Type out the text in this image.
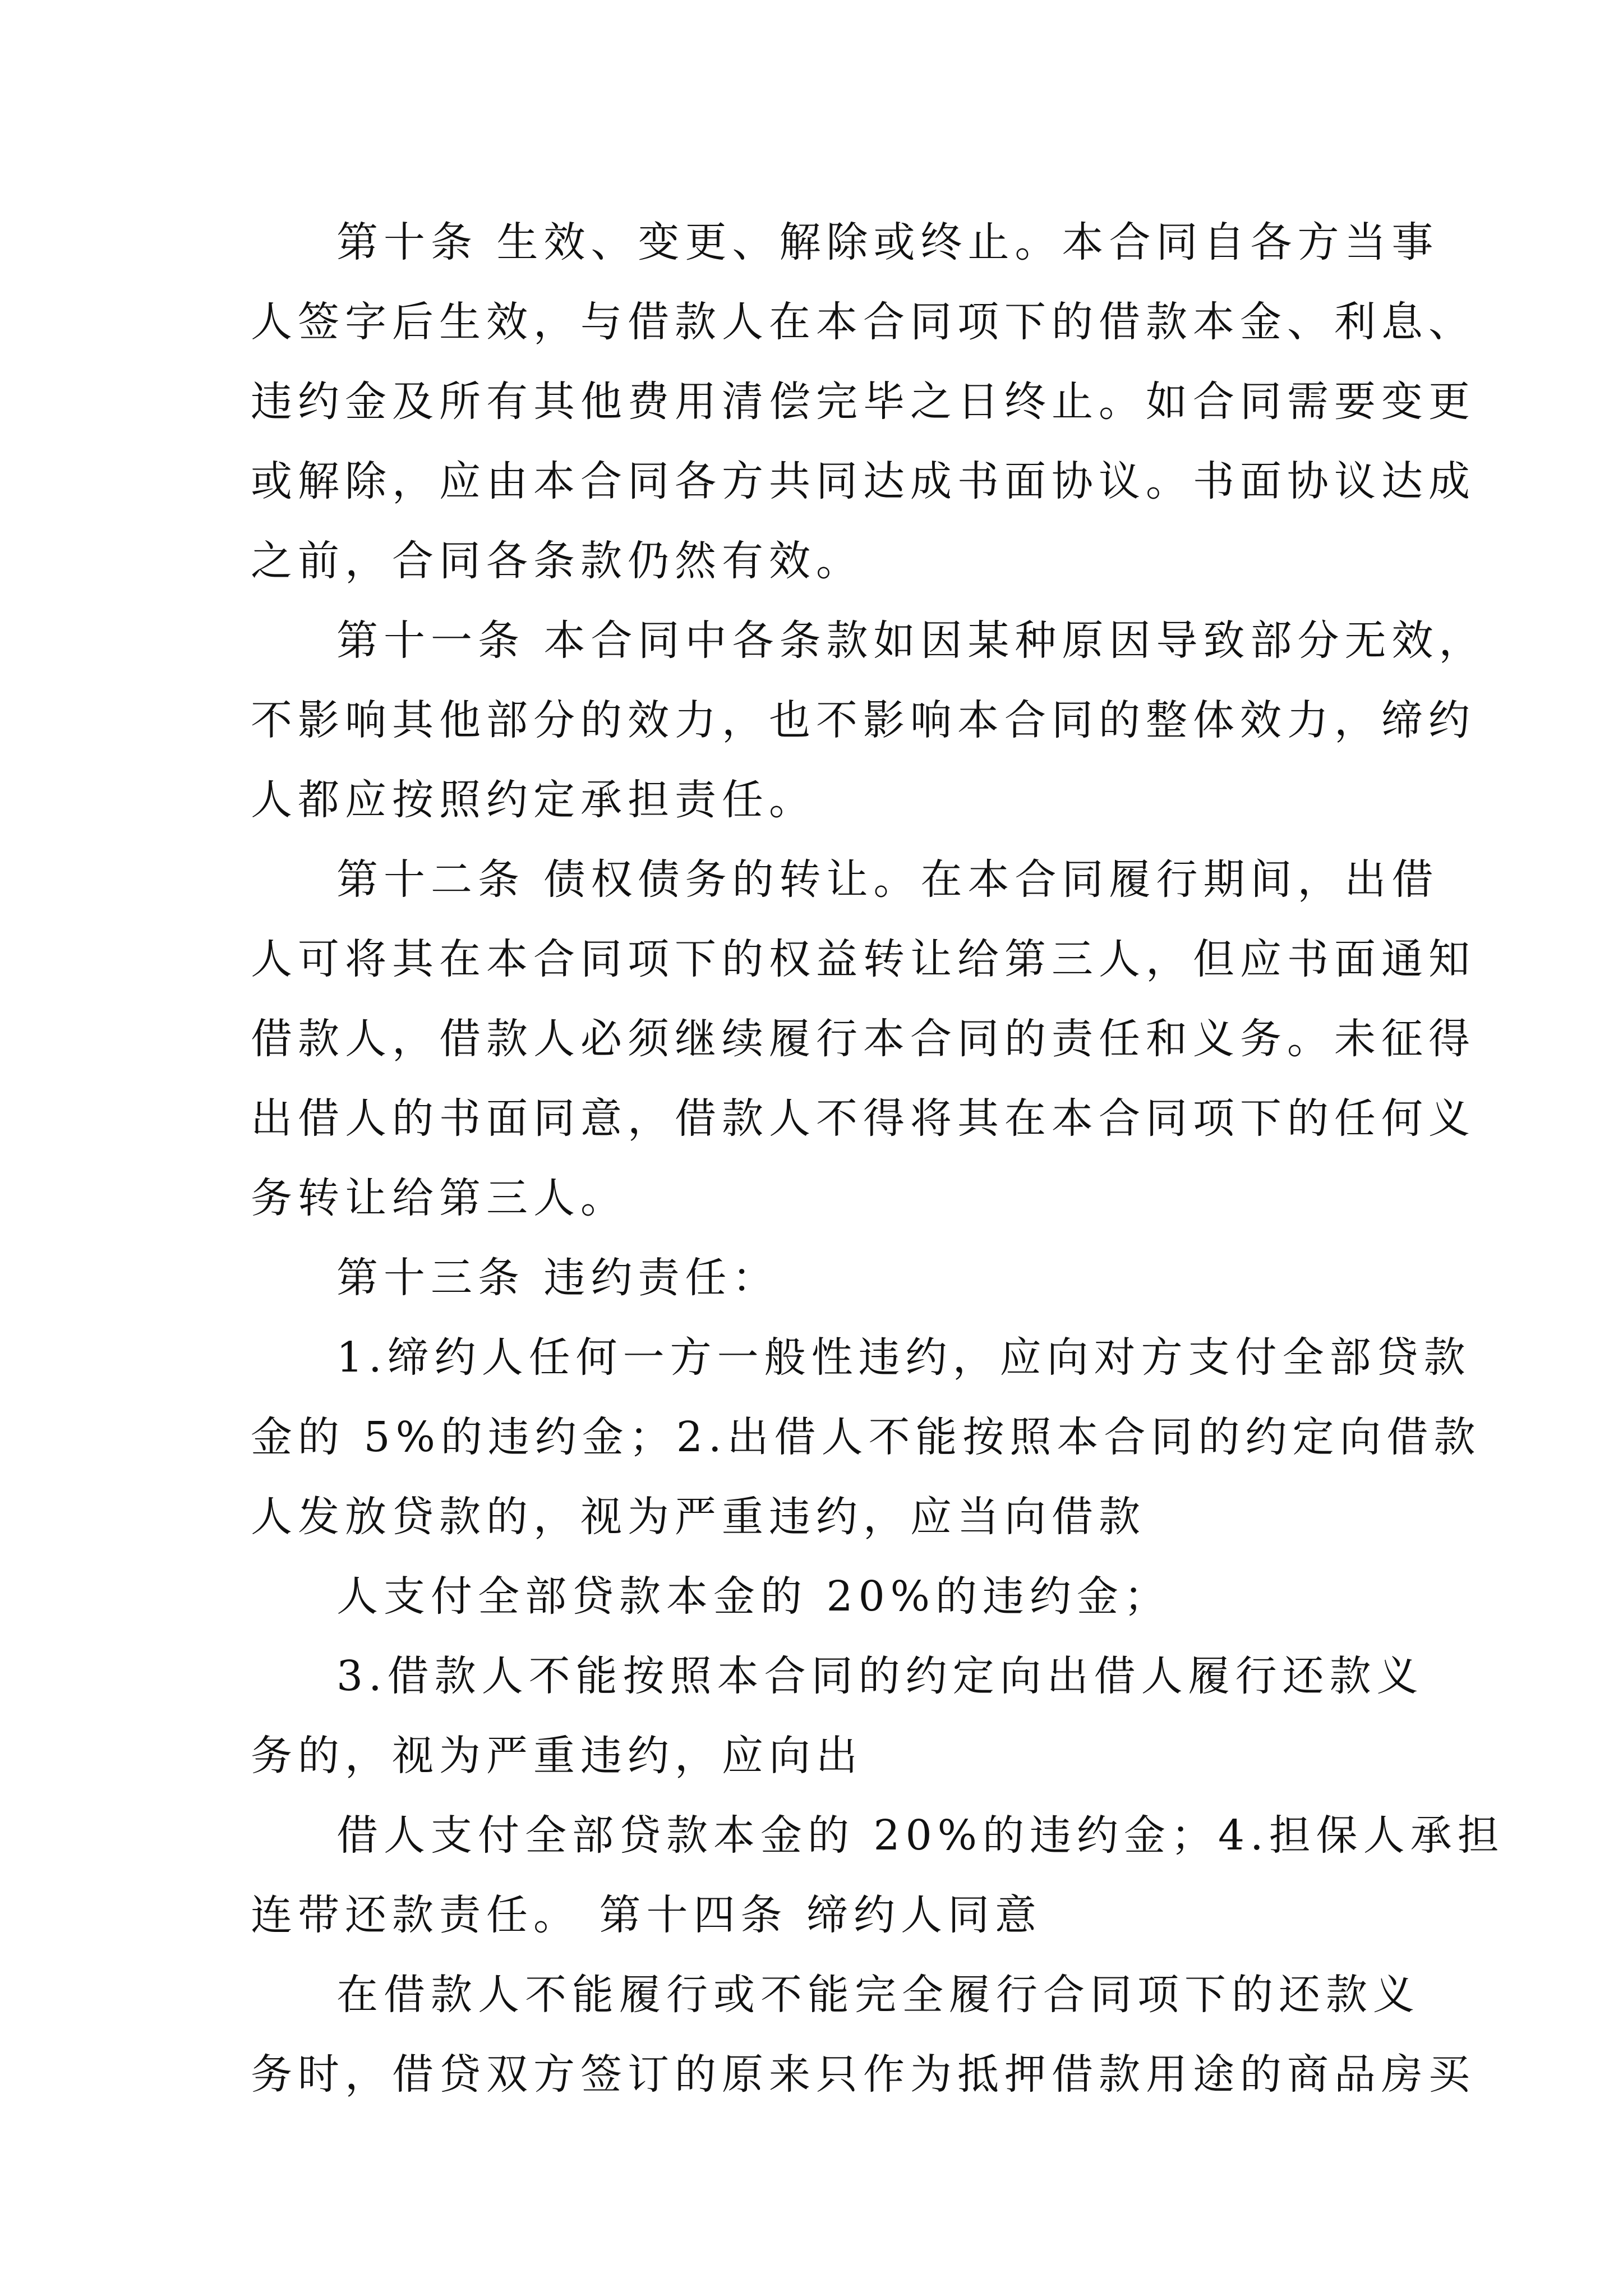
第十条 生效、变更、解除或终止。本合同自各方当事
人签字后生效，与借款人在本合同项下的借款本金、利息、
违约金及所有其他费用清偿完毕之日终止。如合同需要变更
或解除，应由本合同各方共同达成书面协议。书面协议达成
之前，合同各条款仍然有效。
第十一条 本合同中各条款如因某种原因导致部分无效，
不影响其他部分的效力，也不影响本合同的整体效力，缔约
人都应按照约定承担责任。
第十二条 债权债务的转让。在本合同履行期间，出借
人可将其在本合同项下的权益转让给第三人，但应书面通知
借款人，借款人必须继续履行本合同的责任和义务。未征得
出借人的书面同意，借款人不得将其在本合同项下的任何义
务转让给第三人。
第十三条 违约责任：
1.缔约人任何一方一般性违约，应向对方支付全部贷款
金的 5%的违约金；2.出借人不能按照本合同的约定向借款
人发放贷款的，视为严重违约，应当向借款
人支付全部贷款本金的 20%的违约金；
3.借款人不能按照本合同的约定向出借人履行还款义
务的，视为严重违约，应向出
借人支付全部贷款本金的 20%的违约金；4.担保人承担
连带还款责任。 第十四条 缔约人同意
在借款人不能履行或不能完全履行合同项下的还款义
务时，借贷双方签订的原来只作为抵押借款用途的商品房买
